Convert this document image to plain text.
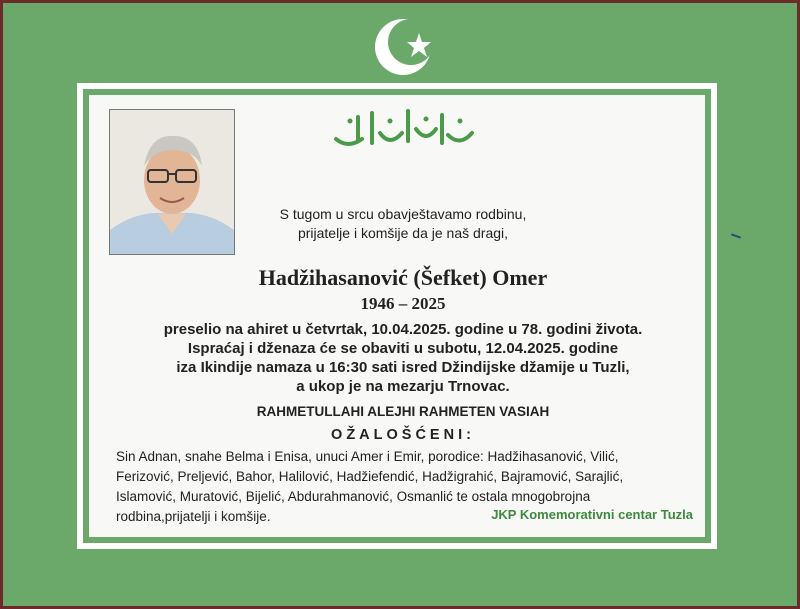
S tugom u srcu obavještavamo rodbinu,
prijatelje i komšije da je naš dragi,
Hadžihasanović (Šefket) Omer
1946 – 2025
preselio na ahiret u četvrtak, 10.04.2025. godine u 78. godini života.
Ispraćaj i dženaza će se obaviti u subotu, 12.04.2025. godine
iza Ikindije namaza u 16:30 sati isred Džindijske džamije u Tuzli,
a ukop je na mezarju Trnovac.
RAHMETULLAHI ALEJHI RAHMETEN VASIAH
OŽALOŠĆENI:
Sin Adnan, snahe Belma i Enisa, unuci Amer i Emir, porodice: Hadžihasanović, Vilić,
Ferizović, Preljević, Bahor, Halilović, Hadžiefendić, Hadžigrahić, Bajramović, Sarajlić,
Islamović, Muratović, Bijelić, Abdurahmanović, Osmanlić te ostala mnogobrojna
rodbina,prijatelji i komšije.	JKP Komemorativni centar Tuzla
